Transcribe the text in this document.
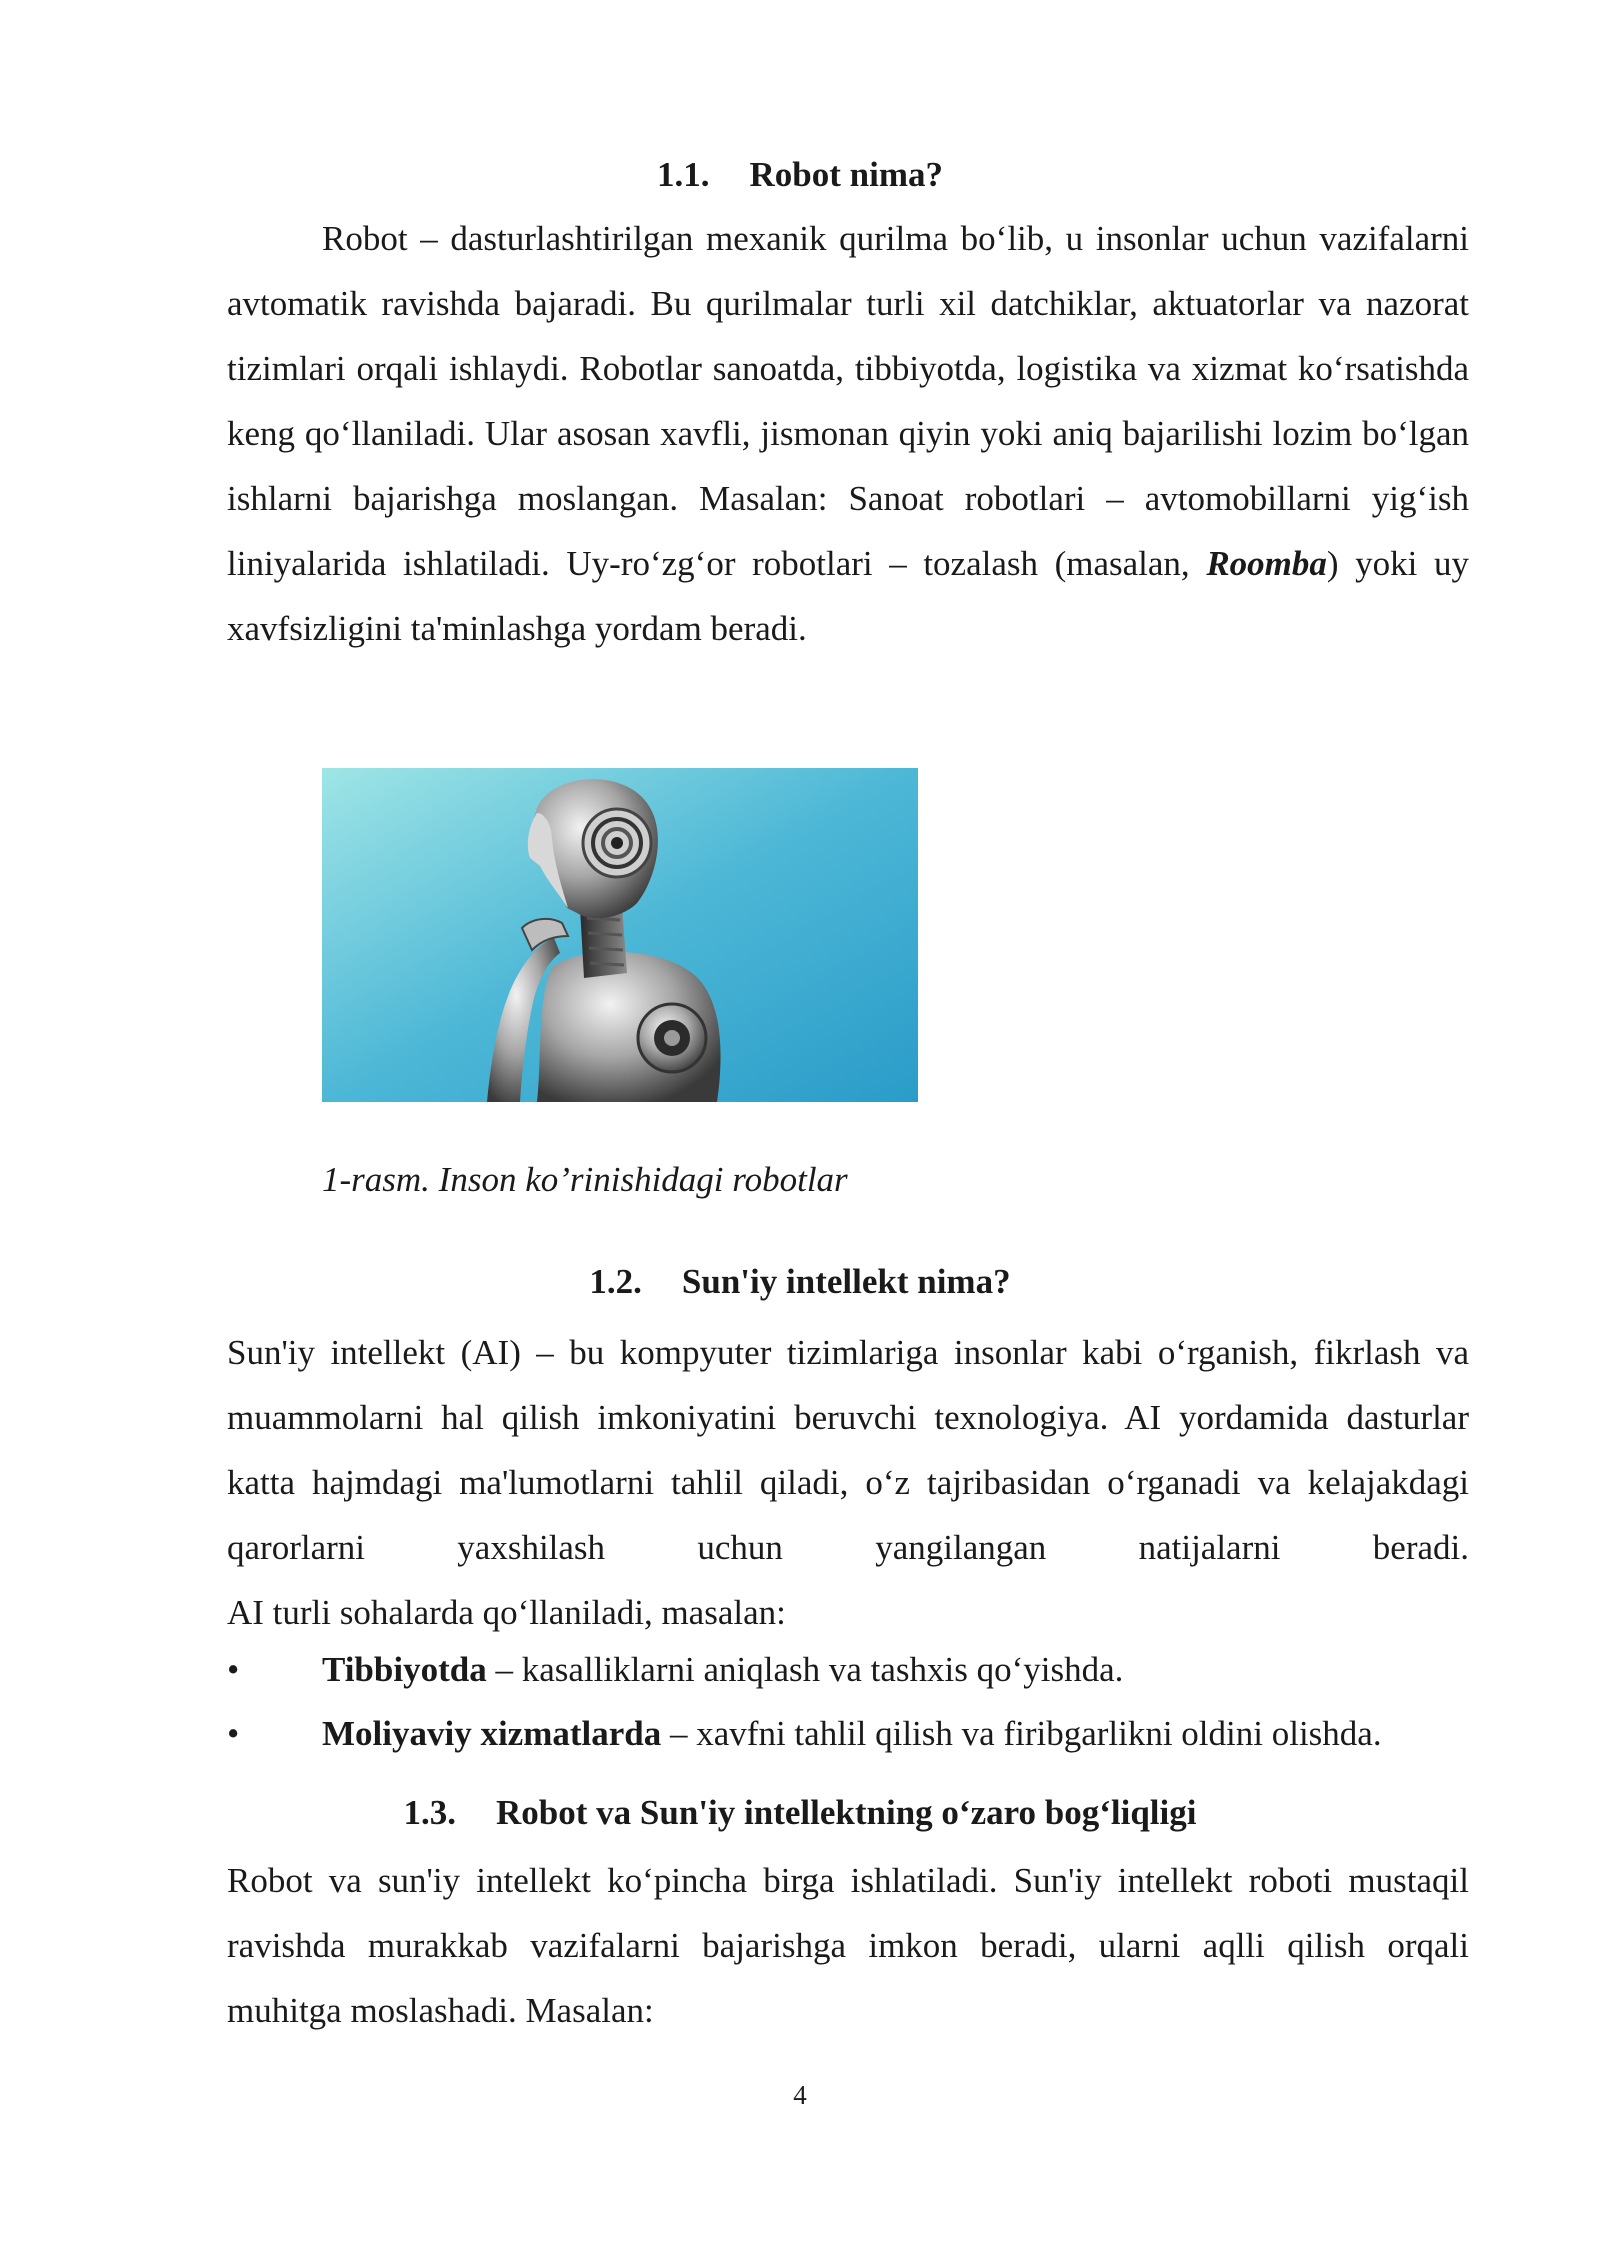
1.1. Robot nima?

Robot – dasturlashtirilgan mexanik qurilma bo‘lib, u insonlar uchun vazifalarni avtomatik ravishda bajaradi. Bu qurilmalar turli xil datchiklar, aktuatorlar va nazorat tizimlari orqali ishlaydi. Robotlar sanoatda, tibbiyotda, logistika va xizmat ko‘rsatishda keng qo‘llaniladi. Ular asosan xavfli, jismonan qiyin yoki aniq bajarilishi lozim bo‘lgan ishlarni bajarishga moslangan. Masalan: Sanoat robotlari – avtomobillarni yig‘ish liniyalarida ishlatiladi. Uy-ro‘zg‘or robotlari – tozalash (masalan, Roomba) yoki uy xavfsizligini ta'minlashga yordam beradi.

1-rasm. Inson ko’rinishidagi robotlar
1.2. Sun'iy intellekt nima?

Sun'iy intellekt (AI) – bu kompyuter tizimlariga insonlar kabi o‘rganish, fikrlash va muammolarni hal qilish imkoniyatini beruvchi texnologiya. AI yordamida dasturlar katta hajmdagi ma'lumotlarni tahlil qiladi, o‘z tajribasidan o‘rganadi va kelajakdagi qarorlarni yaxshilash uchun yangilangan natijalarni beradi.
AI turli sohalarda qo‘llaniladi, masalan:

• Tibbiyotda – kasalliklarni aniqlash va tashxis qo‘yishda.
• Moliyaviy xizmatlarda – xavfni tahlil qilish va firibgarlikni oldini olishda.
1.3. Robot va Sun'iy intellektning o‘zaro bog‘liqligi

Robot va sun'iy intellekt ko‘pincha birga ishlatiladi. Sun'iy intellekt roboti mustaqil ravishda murakkab vazifalarni bajarishga imkon beradi, ularni aqlli qilish orqali muhitga moslashadi. Masalan:

4
